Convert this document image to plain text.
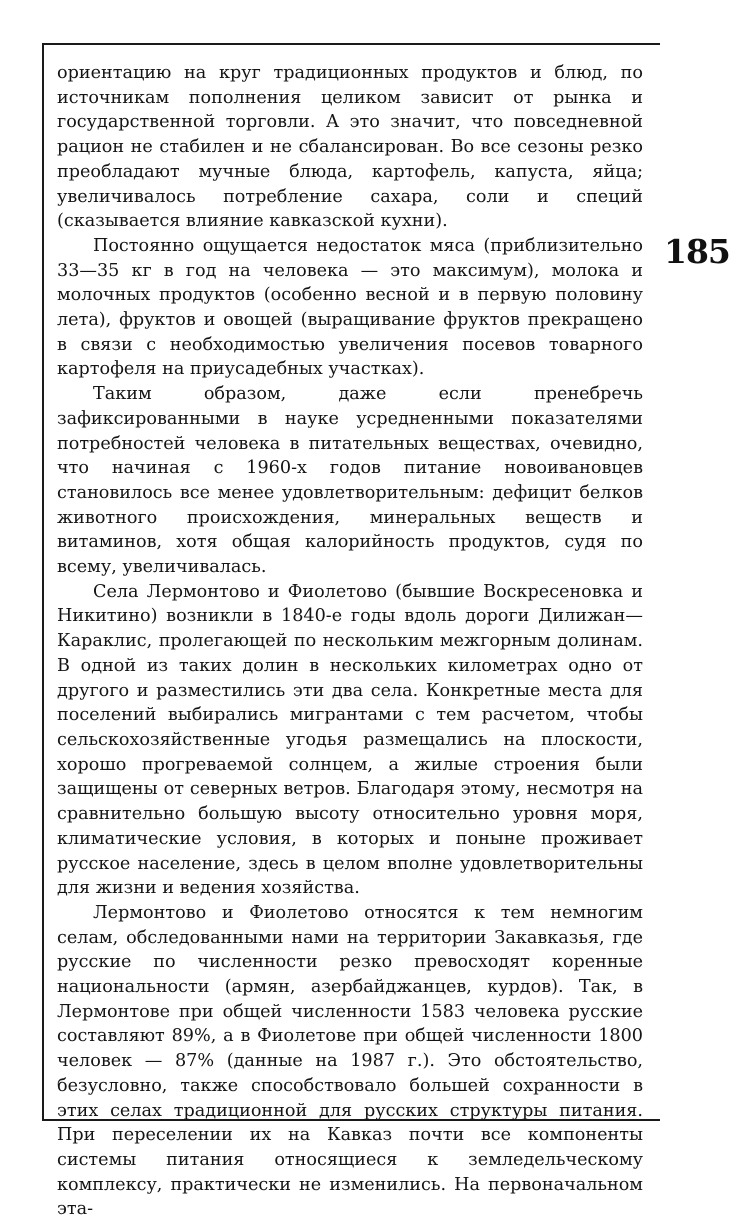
185

ориентацию на круг традиционных продуктов и блюд, по источникам пополнения целиком зависит от рынка и государственной торговли. А это значит, что повседневной рацион не стабилен и не сбалансирован. Во все сезоны резко преобладают мучные блюда, картофель, капуста, яйца; увеличивалось потребление сахара, соли и специй (сказывается влияние кавказской кухни).

Постоянно ощущается недостаток мяса (приблизительно 33—35 кг в год на человека — это максимум), молока и молочных продуктов (особенно весной и в первую половину лета), фруктов и овощей (выращивание фруктов прекращено в связи с необходимостью увеличения посевов товарного картофеля на приусадебных участках).

Таким образом, даже если пренебречь зафиксированными в науке усредненными показателями потребностей человека в питательных веществах, очевидно, что начиная с 1960-х годов питание новоивановцев становилось все менее удовлетворительным: дефицит белков животного происхождения, минеральных веществ и витаминов, хотя общая калорийность продуктов, судя по всему, увеличивалась.

Села Лермонтово и Фиолетово (бывшие Воскресеновка и Никитино) возникли в 1840-е годы вдоль дороги Дилижан—Караклис, пролегающей по нескольким межгорным долинам. В одной из таких долин в нескольких километрах одно от другого и разместились эти два села. Конкретные места для поселений выбирались мигрантами с тем расчетом, чтобы сельскохозяйственные угодья размещались на плоскости, хорошо прогреваемой солнцем, а жилые строения были защищены от северных ветров. Благодаря этому, несмотря на сравнительно большую высоту относительно уровня моря, климатические условия, в которых и поныне проживает русское население, здесь в целом вполне удовлетворительны для жизни и ведения хозяйства.

Лермонтово и Фиолетово относятся к тем немногим селам, обследованными нами на территории Закавказья, где русские по численности резко превосходят коренные национальности (армян, азербайджанцев, курдов). Так, в Лермонтове при общей численности 1583 человека русские составляют 89%, а в Фиолетове при общей численности 1800 человек — 87% (данные на 1987 г.). Это обстоятельство, безусловно, также способствовало большей сохранности в этих селах традиционной для русских структуры питания. При переселении их на Кавказ почти все компоненты системы питания относящиеся к земледельческому комплексу, практически не изменились. На первоначальном эта-
